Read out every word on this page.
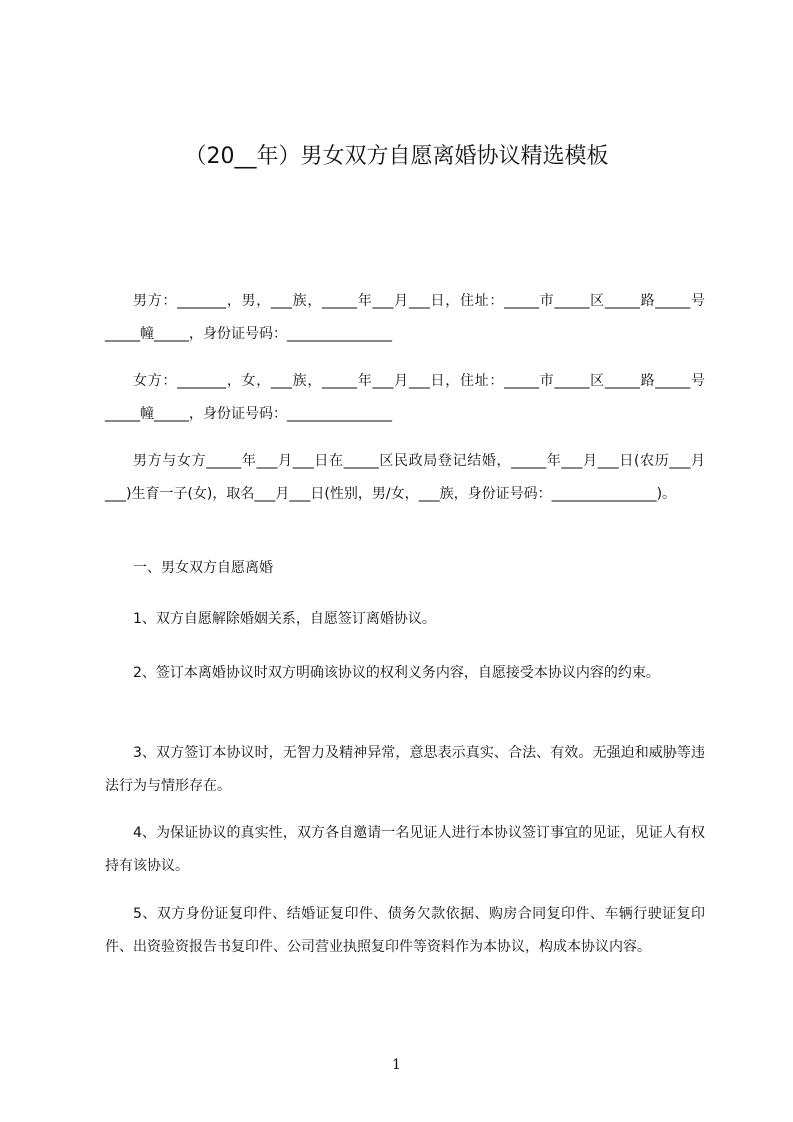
（20__年）男女双方自愿离婚协议精选模板

男方：_______，男，___族，_____年___月___日，住址：_____市_____区_____路_____号_____幢_____，身份证号码：_______________

女方：_______，女，___族，_____年___月___日，住址：_____市_____区_____路_____号_____幢_____，身份证号码：_______________

男方与女方_____年___月___日在_____区民政局登记结婚，_____年___月___日(农历___月___)生育一子(女)，取名___月___日(性别，男/女，___族，身份证号码：_______________)。

一、男女双方自愿离婚

1、双方自愿解除婚姻关系，自愿签订离婚协议。

2、签订本离婚协议时双方明确该协议的权利义务内容，自愿接受本协议内容的约束。

3、双方签订本协议时，无智力及精神异常，意思表示真实、合法、有效。无强迫和威胁等违法行为与情形存在。

4、为保证协议的真实性，双方各自邀请一名见证人进行本协议签订事宜的见证，见证人有权持有该协议。

5、双方身份证复印件、结婚证复印件、债务欠款依据、购房合同复印件、车辆行驶证复印件、出资验资报告书复印件、公司营业执照复印件等资料作为本协议，构成本协议内容。

1
